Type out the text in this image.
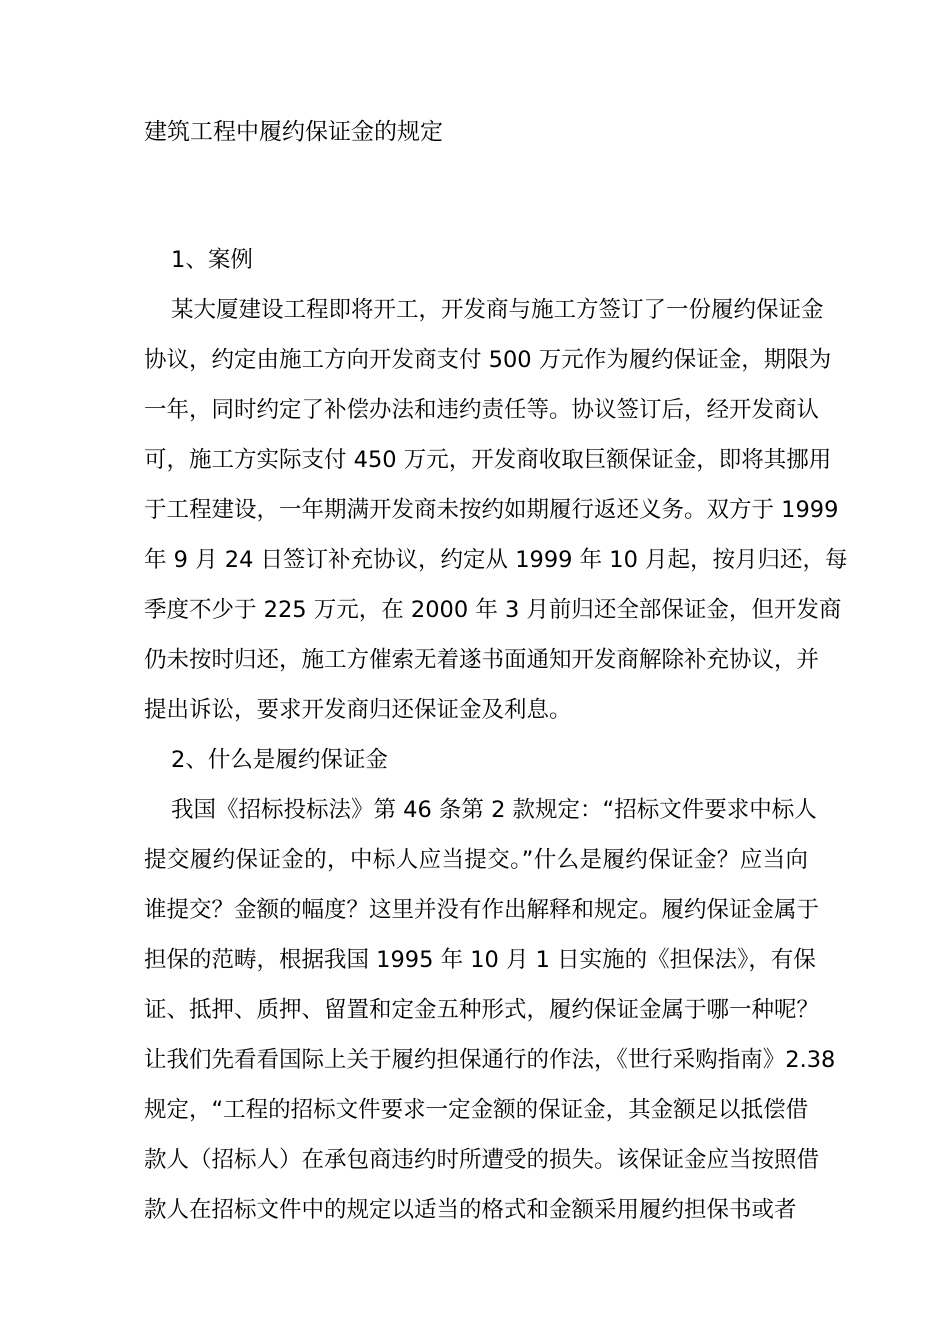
建筑工程中履约保证金的规定
1、案例
某大厦建设工程即将开工，开发商与施工方签订了一份履约保证金
协议，约定由施工方向开发商支付 500 万元作为履约保证金，期限为
一年，同时约定了补偿办法和违约责任等。协议签订后，经开发商认
可，施工方实际支付 450 万元，开发商收取巨额保证金，即将其挪用
于工程建设，一年期满开发商未按约如期履行返还义务。双方于 1999
年 9 月 24 日签订补充协议，约定从 1999 年 10 月起，按月归还，每
季度不少于 225 万元，在 2000 年 3 月前归还全部保证金，但开发商
仍未按时归还，施工方催索无着遂书面通知开发商解除补充协议，并
提出诉讼，要求开发商归还保证金及利息。
2、什么是履约保证金
我国《招标投标法》第 46 条第 2 款规定：“招标文件要求中标人
提交履约保证金的，中标人应当提交。”什么是履约保证金？应当向
谁提交？金额的幅度？这里并没有作出解释和规定。履约保证金属于
担保的范畴，根据我国 1995 年 10 月 1 日实施的《担保法》，有保
证、抵押、质押、留置和定金五种形式，履约保证金属于哪一种呢？
让我们先看看国际上关于履约担保通行的作法，《世行采购指南》2.38
规定，“工程的招标文件要求一定金额的保证金，其金额足以抵偿借
款人（招标人）在承包商违约时所遭受的损失。该保证金应当按照借
款人在招标文件中的规定以适当的格式和金额采用履约担保书或者
